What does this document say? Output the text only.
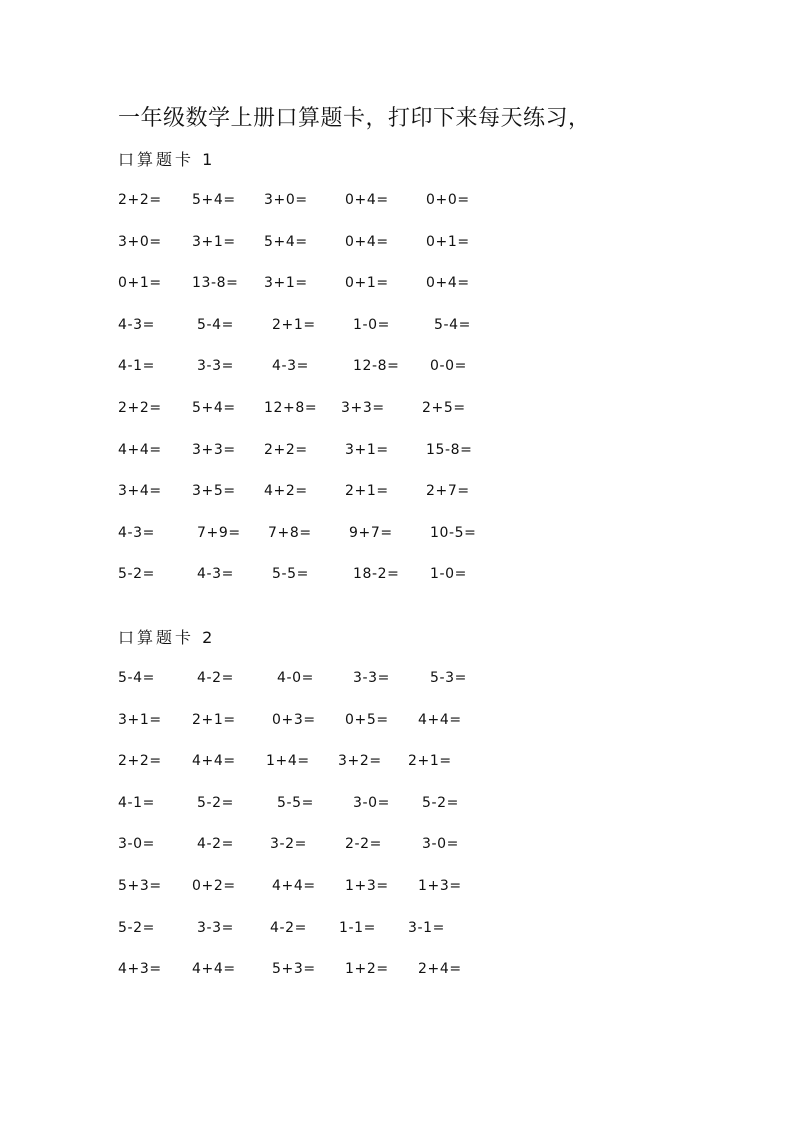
一年级数学上册口算题卡，打印下来每天练习，
口算题卡 1
2+2= 5+4= 3+0=	0+4=	0+0=
3+0= 3+1= 5+4=	0+4=	0+1=
0+1= 13-8= 3+1=	0+1=	0+4=
4-3=	5-4=	2+1=	1-0=	5-4=
4-1=	3-3=	4-3=	12-8= 0-0=
2+2= 5+4= 12+8= 3+3=	2+5=
4+4= 3+3= 2+2=	3+1=	15-8=
3+4= 3+5= 4+2=	2+1=	2+7=
4-3=	7+9= 7+8=	9+7=	10-5=
5-2=	4-3=	5-5=	18-2= 1-0=
口算题卡 2
5-4=	4-2=	4-0=	3-3=	5-3=
3+1= 2+1=	0+3= 0+5= 4+4=
2+2= 4+4= 1+4= 3+2= 2+1=
4-1=	5-2=	5-5=	3-0= 5-2=
3-0=	4-2=	3-2=	2-2=	3-0=
5+3= 0+2=	4+4= 1+3= 1+3=
5-2=	3-3=	4-2= 1-1= 3-1=
4+3= 4+4=	5+3= 1+2= 2+4=
